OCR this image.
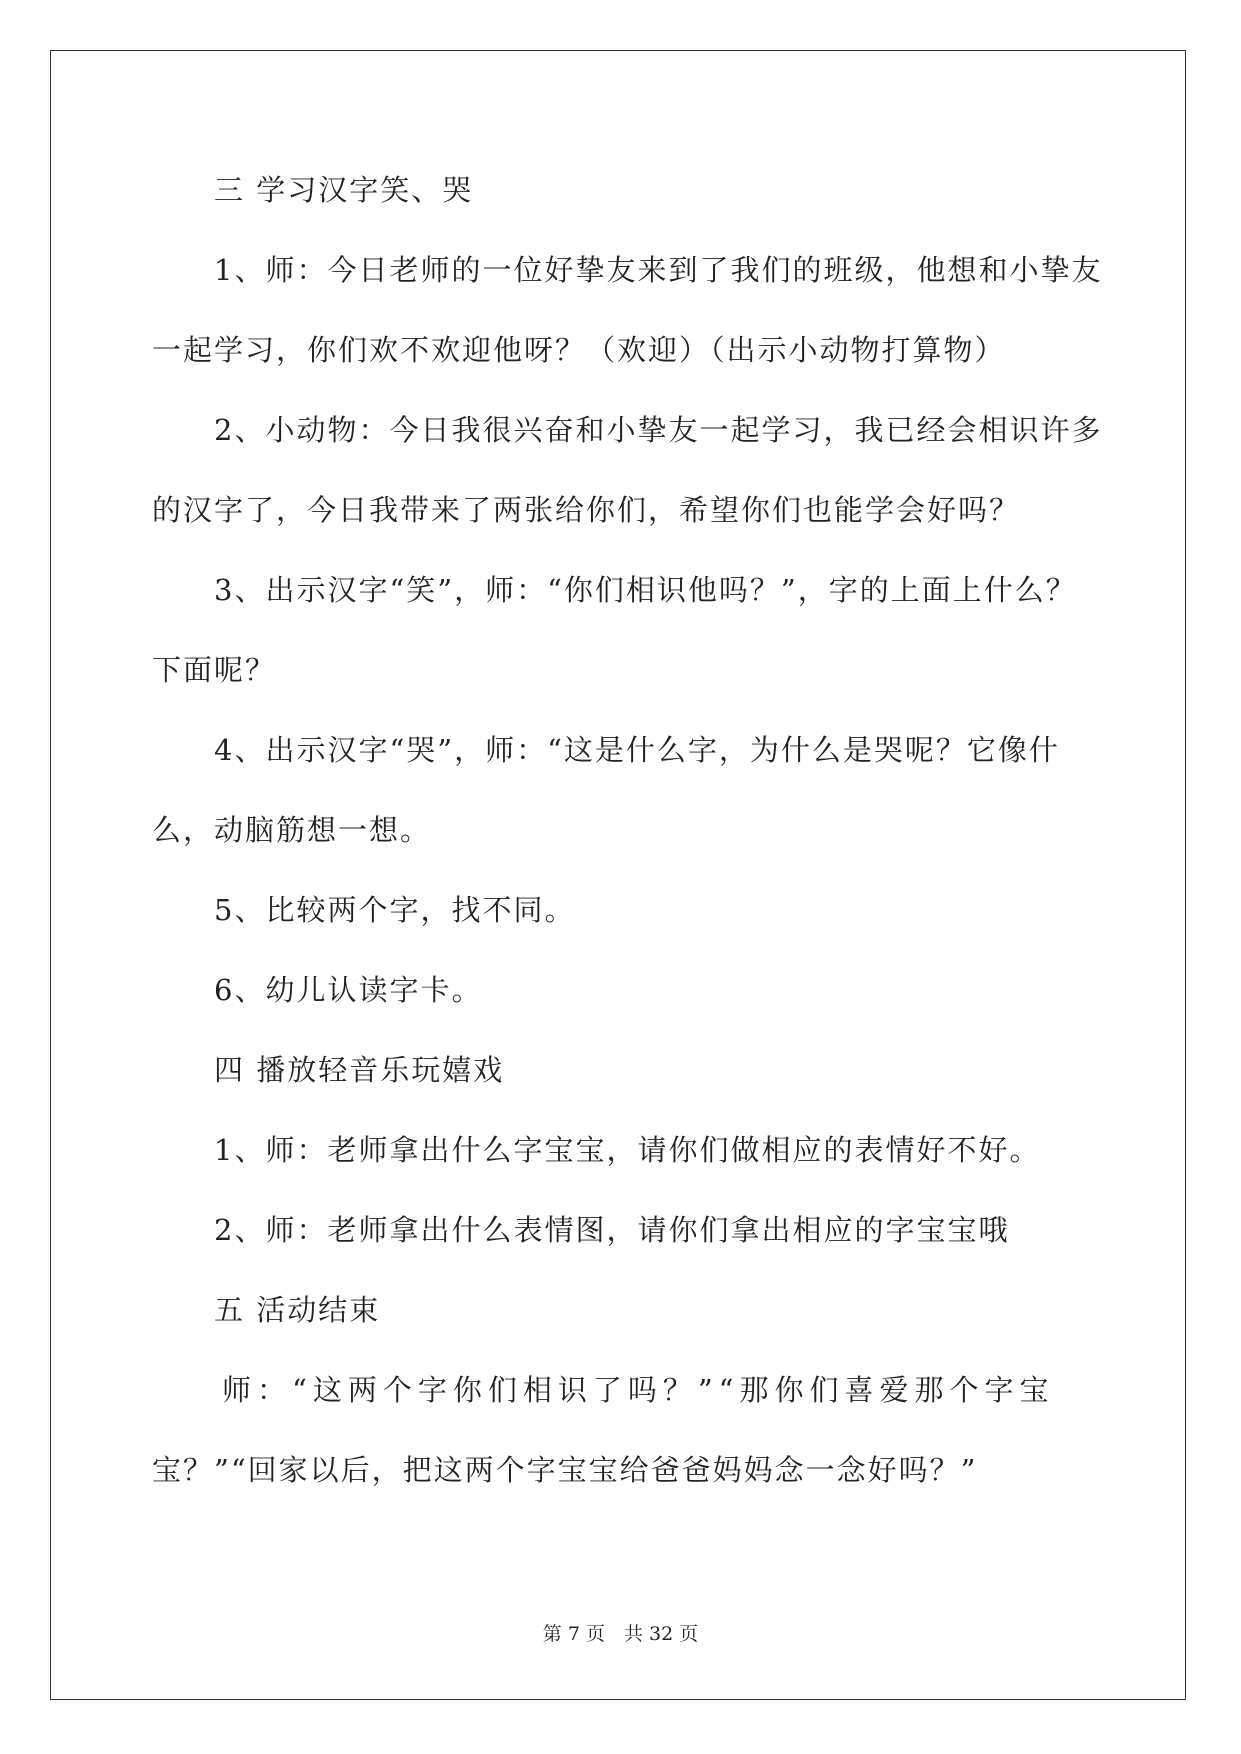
三 学习汉字笑、哭
1、师：今日老师的一位好挚友来到了我们的班级，他想和小挚友
一起学习，你们欢不欢迎他呀？（欢迎）（出示小动物打算物）
2、小动物：今日我很兴奋和小挚友一起学习，我已经会相识许多
的汉字了，今日我带来了两张给你们，希望你们也能学会好吗？
3、出示汉字“笑”，师：“你们相识他吗？”，字的上面上什么？
下面呢？
4、出示汉字“哭”，师：“这是什么字，为什么是哭呢？它像什
么，动脑筋想一想。
5、比较两个字，找不同。
6、幼儿认读字卡。
四 播放轻音乐玩嬉戏
1、师：老师拿出什么字宝宝，请你们做相应的表情好不好。
2、师：老师拿出什么表情图，请你们拿出相应的字宝宝哦
五 活动结束
师：“这两个字你们相识了吗？”“那你们喜爱那个字宝
宝？”“回家以后，把这两个字宝宝给爸爸妈妈念一念好吗？”
第 7 页　共 32 页
